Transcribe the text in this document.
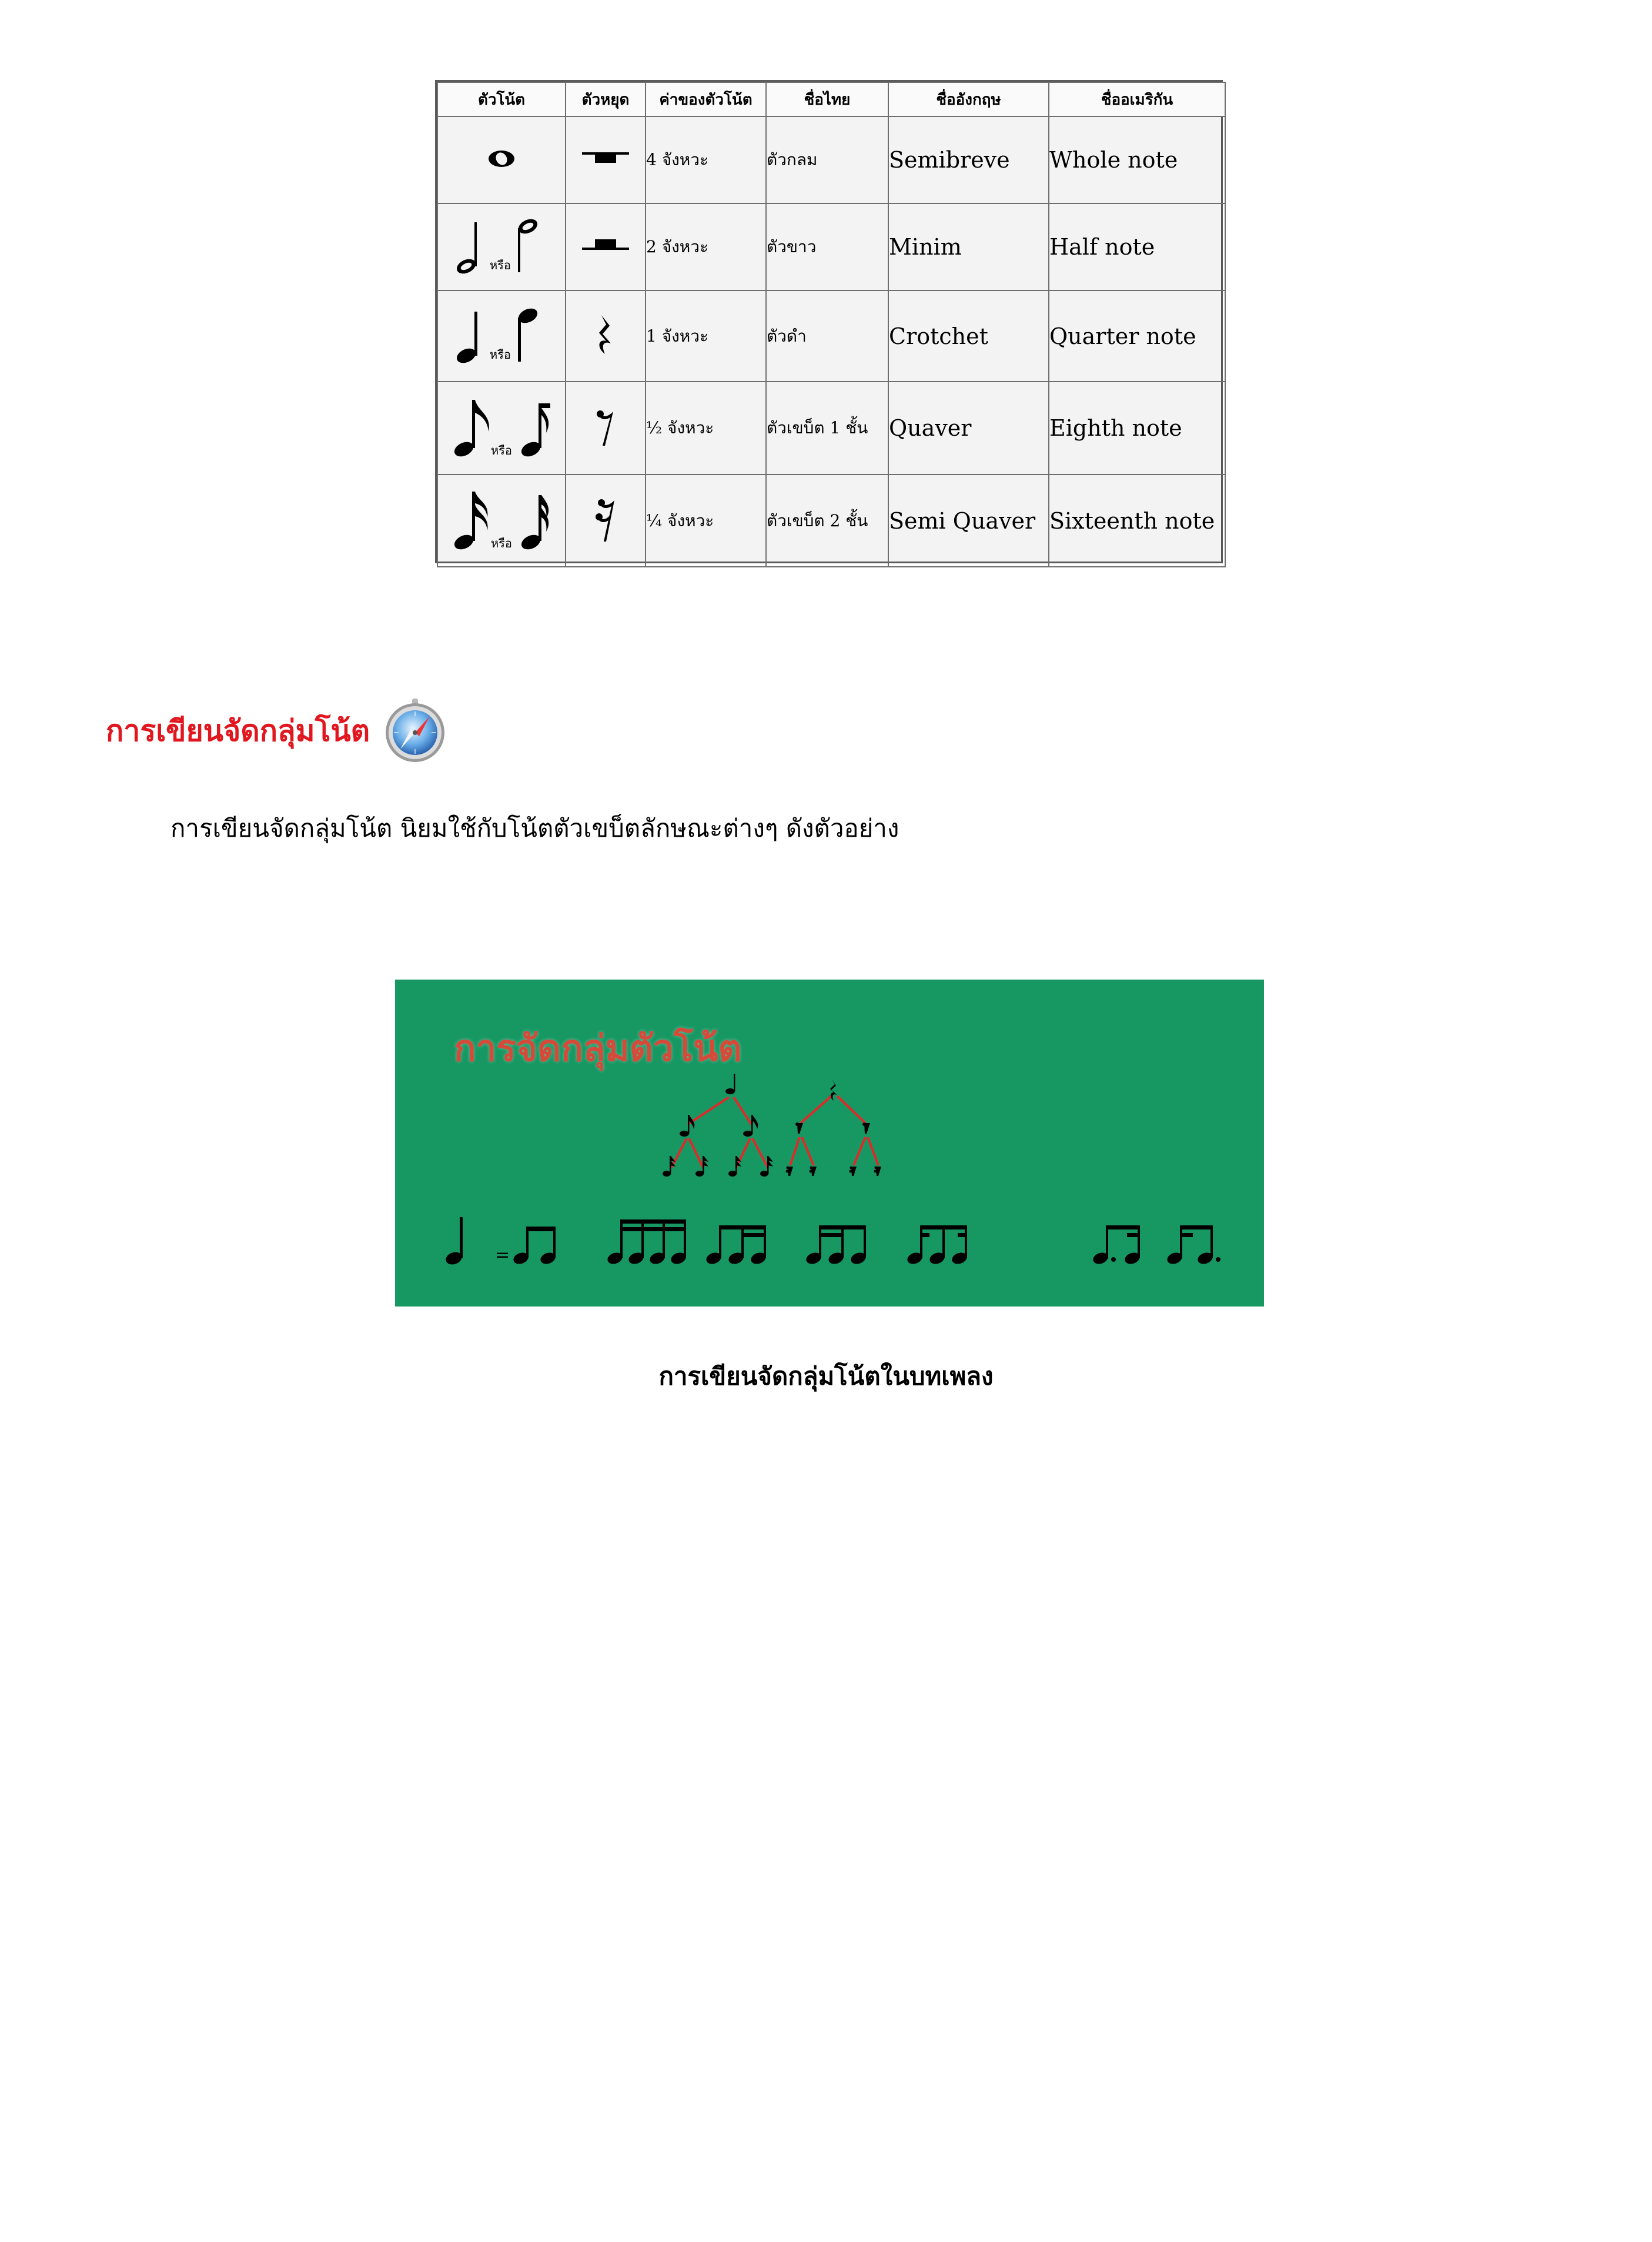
ตัวโน้ต	ตัวหยุด	ค่าของตัวโน้ต	ชื่อไทย	ชื่ออังกฤษ	ชื่ออเมริกัน
		4 จังหวะ	ตัวกลม	Semibreve	Whole note

หรือ		2 จังหวะ	ตัวขาว	Minim	Half note

หรือ		1 จังหวะ	ตัวดำ	Crotchet	Quarter note

หรือ		½ จังหวะ	ตัวเขบ็ต 1 ชั้น	Quaver	Eighth note

หรือ		¼ จังหวะ	ตัวเขบ็ต 2 ชั้น	Semi Quaver	Sixteenth note
การเขียนจัดกลุ่มโน้ต
การเขียนจัดกลุ่มโน้ต นิยมใช้กับโน้ตตัวเขบ็ตลักษณะต่างๆ ดังตัวอย่าง
การจัดกลุ่มตัวโน้ต
=
การเขียนจัดกลุ่มโน้ตในบทเพลง
